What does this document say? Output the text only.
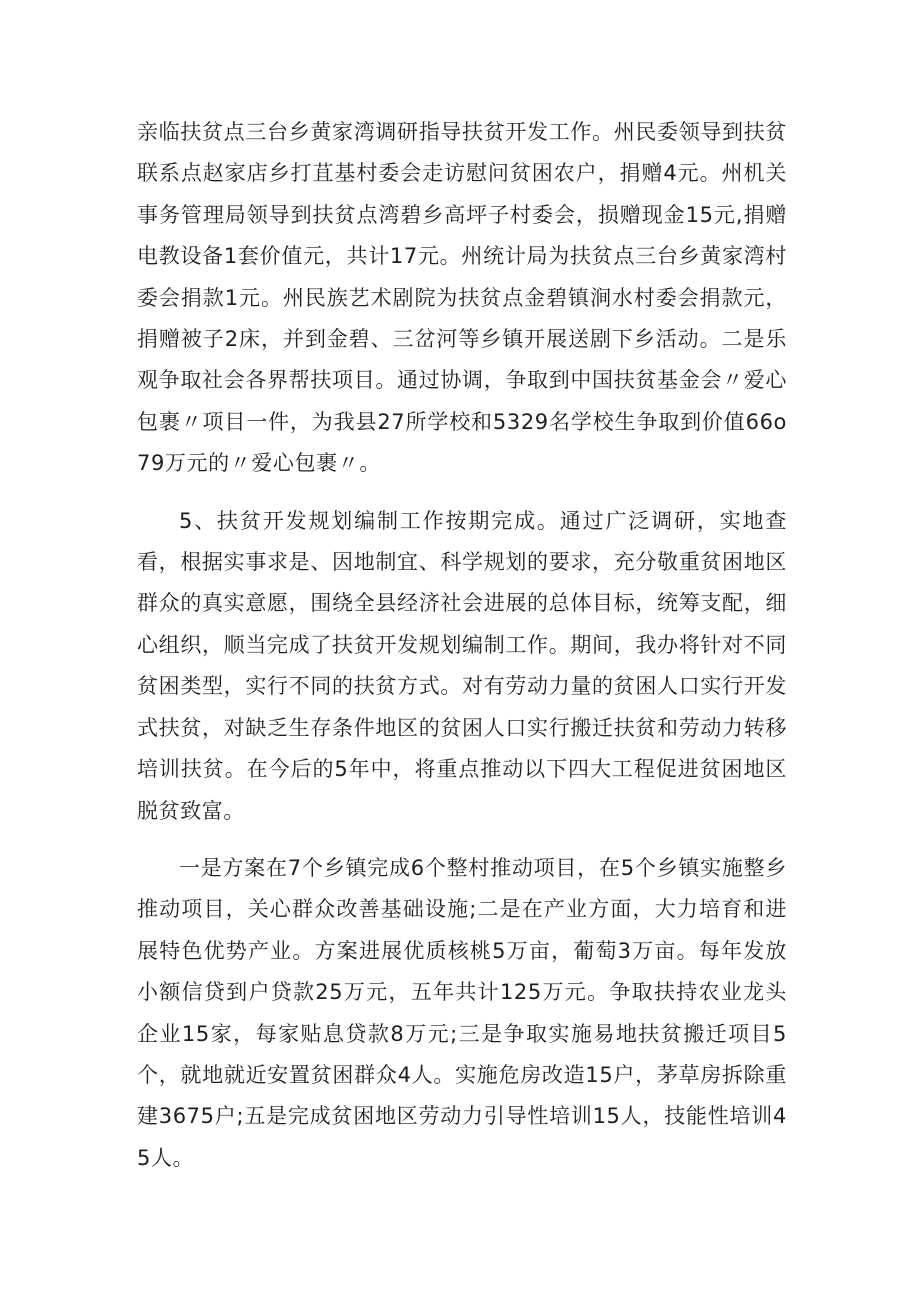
亲临扶贫点三台乡黄家湾调研指导扶贫开发工作。州民委领导到扶贫联系点赵家店乡打苴基村委会走访慰问贫困农户，捐赠4元。州机关事务管理局领导到扶贫点湾碧乡高坪子村委会，损赠现金15元,捐赠电教设备1套价值元，共计17元。州统计局为扶贫点三台乡黄家湾村委会捐款1元。州民族艺术剧院为扶贫点金碧镇涧水村委会捐款元，捐赠被子2床，并到金碧、三岔河等乡镇开展送剧下乡活动。二是乐观争取社会各界帮扶项目。通过协调，争取到中国扶贫基金会〃爱心包裹〃项目一件，为我县27所学校和5329名学校生争取到价值66o79万元的〃爱心包裹〃。

5、扶贫开发规划编制工作按期完成。通过广泛调研，实地查看，根据实事求是、因地制宜、科学规划的要求，充分敬重贫困地区群众的真实意愿，围绕全县经济社会进展的总体目标，统筹支配，细心组织，顺当完成了扶贫开发规划编制工作。期间，我办将针对不同贫困类型，实行不同的扶贫方式。对有劳动力量的贫困人口实行开发式扶贫，对缺乏生存条件地区的贫困人口实行搬迁扶贫和劳动力转移培训扶贫。在今后的5年中，将重点推动以下四大工程促进贫困地区脱贫致富。

一是方案在7个乡镇完成6个整村推动项目，在5个乡镇实施整乡推动项目，关心群众改善基础设施;二是在产业方面，大力培育和进展特色优势产业。方案进展优质核桃5万亩，葡萄3万亩。每年发放小额信贷到户贷款25万元，五年共计125万元。争取扶持农业龙头企业15家，每家贴息贷款8万元;三是争取实施易地扶贫搬迁项目5个，就地就近安置贫困群众4人。实施危房改造15户，茅草房拆除重建3675户;五是完成贫困地区劳动力引导性培训15人，技能性培训45人。
